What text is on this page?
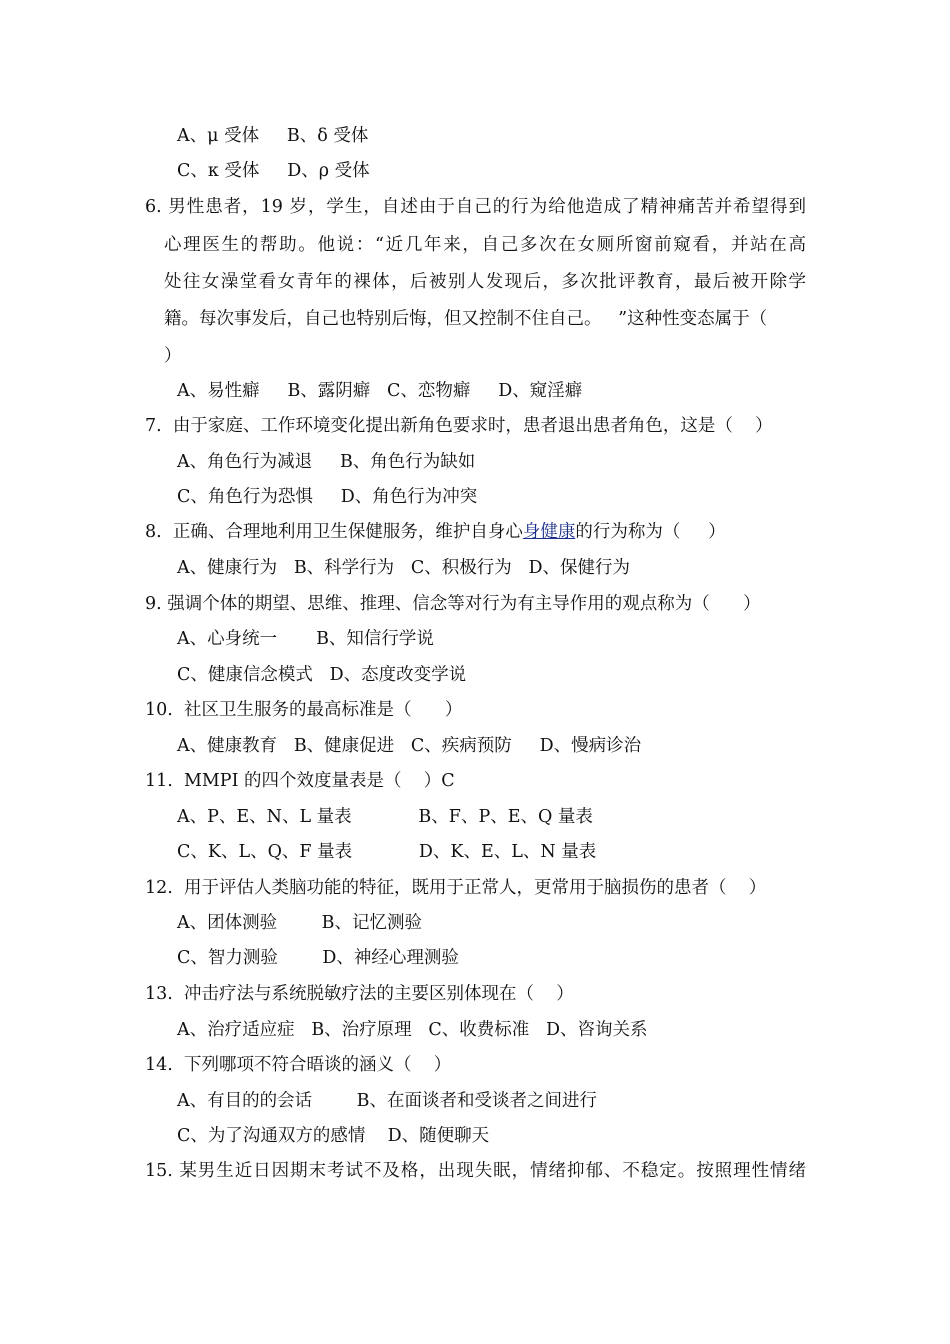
A、μ 受体     B、δ 受体
C、κ 受体     D、ρ 受体
6. 男性患者，19 岁，学生，自述由于自己的行为给他造成了精神痛苦并希望得到
心理医生的帮助。他说：“近几年来，自己多次在女厕所窗前窥看，并站在高
处往女澡堂看女青年的裸体，后被别人发现后，多次批评教育，最后被开除学
籍。每次事发后，自己也特别后悔，但又控制不住自己。   ”这种性变态属于（
）
A、易性癖     B、露阴癖   C、恋物癖     D、窥淫癖
7.  由于家庭、工作环境变化提出新角色要求时，患者退出患者角色，这是（    ）
A、角色行为减退     B、角色行为缺如
C、角色行为恐惧     D、角色行为冲突
8.  正确、合理地利用卫生保健服务，维护自身心身健康的行为称为（     ）
A、健康行为   B、科学行为   C、积极行为   D、保健行为
9. 强调个体的期望、思维、推理、信念等对行为有主导作用的观点称为（      ）
A、心身统一       B、知信行学说
C、健康信念模式   D、态度改变学说
10.  社区卫生服务的最高标准是（      ）
A、健康教育   B、健康促进   C、疾病预防     D、慢病诊治
11.  MMPI 的四个效度量表是（    ）C
A、P、E、N、L 量表            B、F、P、E、Q 量表
C、K、L、Q、F 量表            D、K、E、L、N 量表
12.  用于评估人类脑功能的特征，既用于正常人，更常用于脑损伤的患者（    ）
A、团体测验        B、记忆测验
C、智力测验        D、神经心理测验
13.  冲击疗法与系统脱敏疗法的主要区别体现在（    ）
A、治疗适应症   B、治疗原理   C、收费标准   D、咨询关系
14.  下列哪项不符合晤谈的涵义（    ）
A、有目的的会话        B、在面谈者和受谈者之间进行
C、为了沟通双方的感情    D、随便聊天
15. 某男生近日因期末考试不及格，出现失眠，情绪抑郁、不稳定。按照理性情绪
